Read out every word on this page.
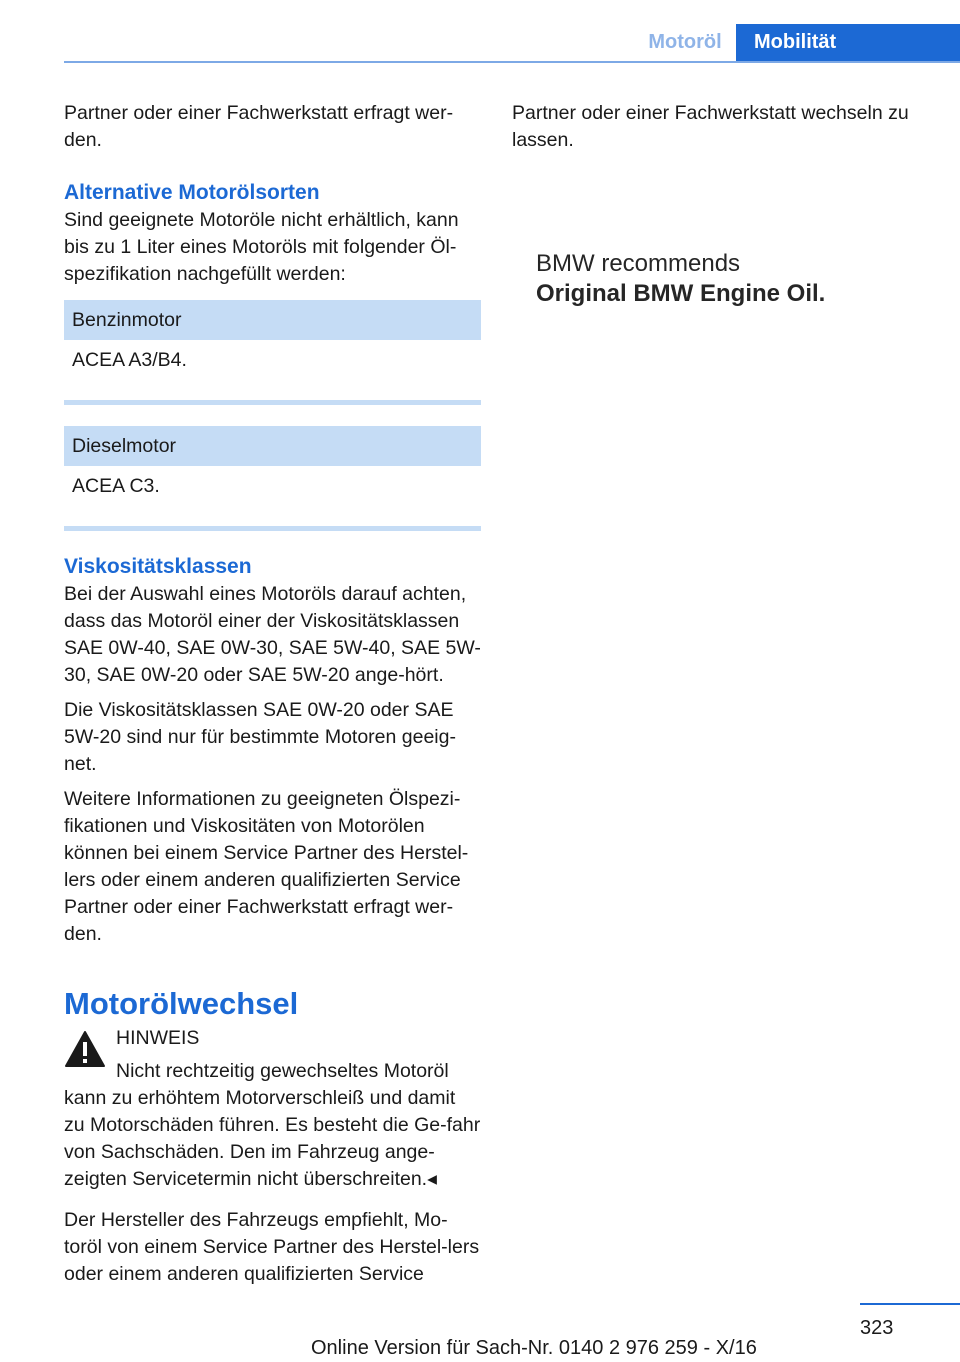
Motoröl	Mobilität

Partner oder einer Fachwerkstatt erfragt wer-den.

Alternative Motorölsorten

Sind geeignete Motoröle nicht erhältlich, kann bis zu 1 Liter eines Motoröls mit folgender Öl-spezifikation nachgefüllt werden:

Benzinmotor
ACEA A3/B4.
Dieselmotor
ACEA C3.
Viskositätsklassen

Bei der Auswahl eines Motoröls darauf achten, dass das Motoröl einer der Viskositätsklassen SAE 0W-40, SAE 0W-30, SAE 5W-40, SAE 5W-30, SAE 0W-20 oder SAE 5W-20 ange-hört.

Die Viskositätsklassen SAE 0W-20 oder SAE 5W-20 sind nur für bestimmte Motoren geeig-net.

Weitere Informationen zu geeigneten Ölspezi-fikationen und Viskositäten von Motorölen können bei einem Service Partner des Herstel-lers oder einem anderen qualifizierten Service Partner oder einer Fachwerkstatt erfragt wer-den.

Motorölwechsel

HINWEIS

Nicht rechtzeitig gewechseltes Motoröl

kann zu erhöhtem Motorverschleiß und damit zu Motorschäden führen. Es besteht die Ge-fahr von Sachschäden. Den im Fahrzeug ange-zeigten Servicetermin nicht überschreiten.◂

Der Hersteller des Fahrzeugs empfiehlt, Mo-toröl von einem Service Partner des Herstel-lers oder einem anderen qualifizierten Service

Partner oder einer Fachwerkstatt wechseln zu lassen.

BMW recommends
Original BMW Engine Oil.
323
Online Version für Sach-Nr. 0140 2 976 259 - X/16
